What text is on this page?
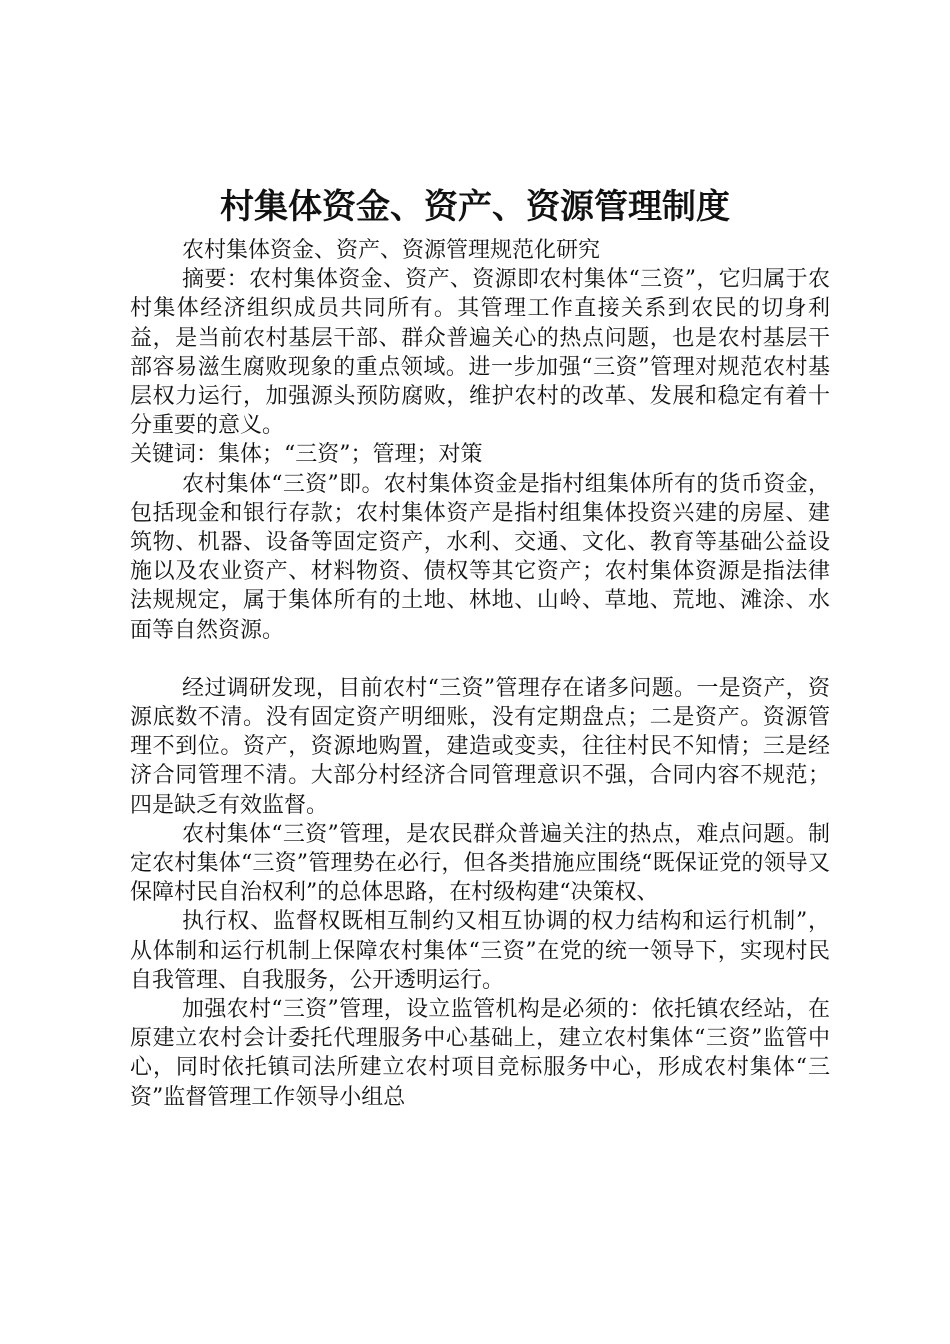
村集体资金、资产、资源管理制度

农村集体资金、资产、资源管理规范化研究

摘要：农村集体资金、资产、资源即农村集体“三资”，它归属于农村集体经济组织成员共同所有。其管理工作直接关系到农民的切身利益，是当前农村基层干部、群众普遍关心的热点问题，也是农村基层干部容易滋生腐败现象的重点领域。进一步加强“三资”管理对规范农村基层权力运行，加强源头预防腐败，维护农村的改革、发展和稳定有着十分重要的意义。

关键词：集体；“三资”；管理；对策

农村集体“三资”即。农村集体资金是指村组集体所有的货币资金，包括现金和银行存款；农村集体资产是指村组集体投资兴建的房屋、建筑物、机器、设备等固定资产，水利、交通、文化、教育等基础公益设施以及农业资产、材料物资、债权等其它资产；农村集体资源是指法律法规规定，属于集体所有的土地、林地、山岭、草地、荒地、滩涂、水面等自然资源。

经过调研发现，目前农村“三资”管理存在诸多问题。一是资产，资源底数不清。没有固定资产明细账，没有定期盘点；二是资产。资源管理不到位。资产，资源地购置，建造或变卖，往往村民不知情；三是经济合同管理不清。大部分村经济合同管理意识不强，合同内容不规范；四是缺乏有效监督。

农村集体“三资”管理，是农民群众普遍关注的热点，难点问题。制定农村集体“三资”管理势在必行，但各类措施应围绕“既保证党的领导又保障村民自治权利”的总体思路，在村级构建“决策权、

执行权、监督权既相互制约又相互协调的权力结构和运行机制”，从体制和运行机制上保障农村集体“三资”在党的统一领导下，实现村民自我管理、自我服务，公开透明运行。

加强农村“三资”管理，设立监管机构是必须的：依托镇农经站，在原建立农村会计委托代理服务中心基础上，建立农村集体“三资”监管中心，同时依托镇司法所建立农村项目竞标服务中心，形成农村集体“三资”监督管理工作领导小组总
